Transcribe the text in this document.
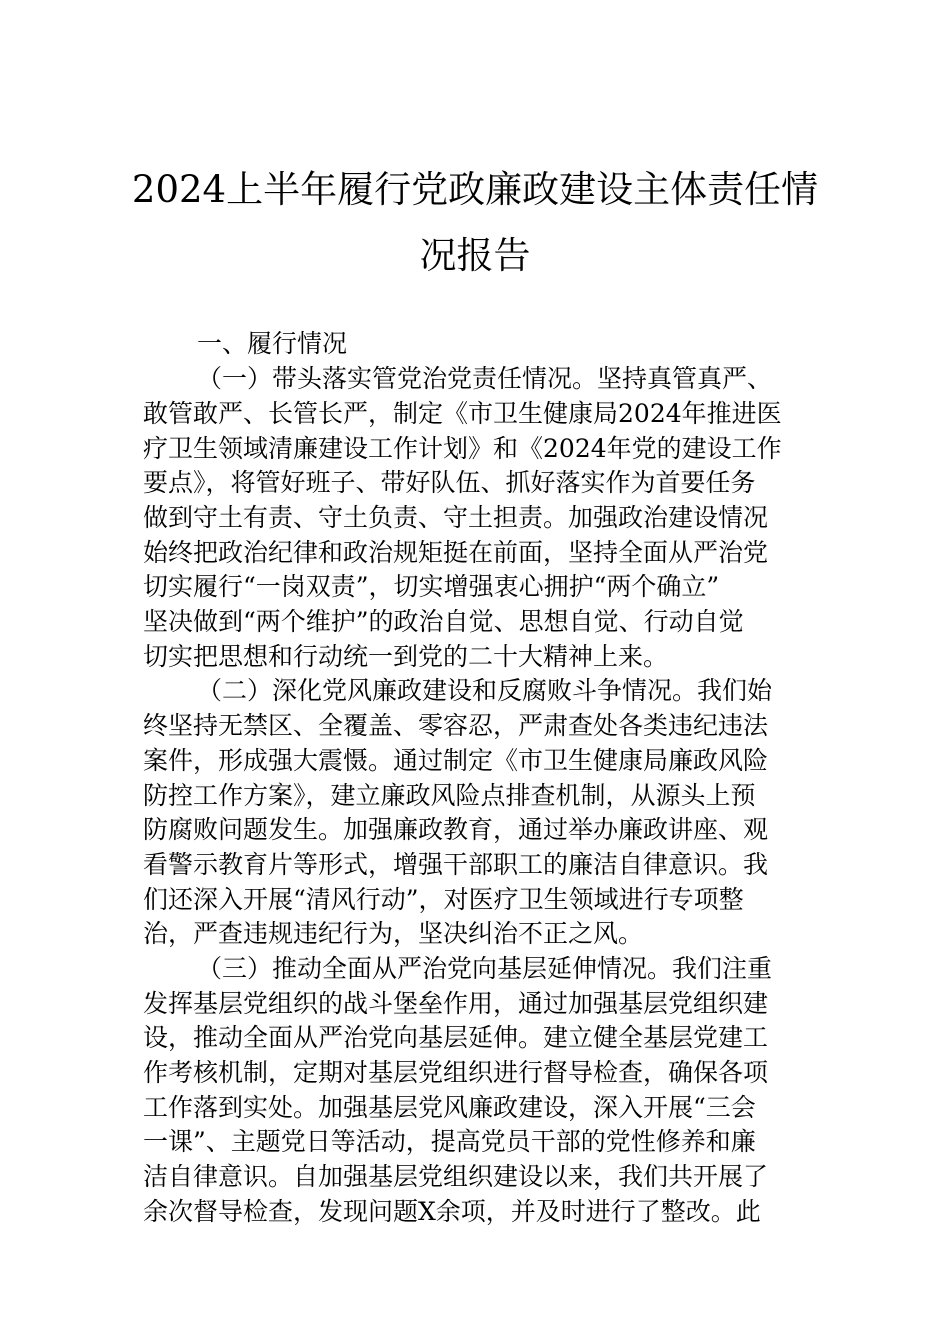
2024上半年履行党政廉政建设主体责任情
况报告
一、履行情况
（一）带头落实管党治党责任情况。坚持真管真严、
敢管敢严、长管长严，制定《市卫生健康局2024年推进医
疗卫生领域清廉建设工作计划》和《2024年党的建设工作
要点》，将管好班子、带好队伍、抓好落实作为首要任务
做到守土有责、守土负责、守土担责。加强政治建设情况
始终把政治纪律和政治规矩挺在前面，坚持全面从严治党
切实履行“一岗双责”，切实增强衷心拥护“两个确立”
坚决做到“两个维护”的政治自觉、思想自觉、行动自觉
切实把思想和行动统一到党的二十大精神上来。
（二）深化党风廉政建设和反腐败斗争情况。我们始
终坚持无禁区、全覆盖、零容忍，严肃查处各类违纪违法
案件，形成强大震慑。通过制定《市卫生健康局廉政风险
防控工作方案》，建立廉政风险点排查机制，从源头上预
防腐败问题发生。加强廉政教育，通过举办廉政讲座、观
看警示教育片等形式，增强干部职工的廉洁自律意识。我
们还深入开展“清风行动”，对医疗卫生领域进行专项整
治，严查违规违纪行为，坚决纠治不正之风。
（三）推动全面从严治党向基层延伸情况。我们注重
发挥基层党组织的战斗堡垒作用，通过加强基层党组织建
设，推动全面从严治党向基层延伸。建立健全基层党建工
作考核机制，定期对基层党组织进行督导检查，确保各项
工作落到实处。加强基层党风廉政建设，深入开展“三会
一课”、主题党日等活动，提高党员干部的党性修养和廉
洁自律意识。自加强基层党组织建设以来，我们共开展了
余次督导检查，发现问题X余项，并及时进行了整改。此
